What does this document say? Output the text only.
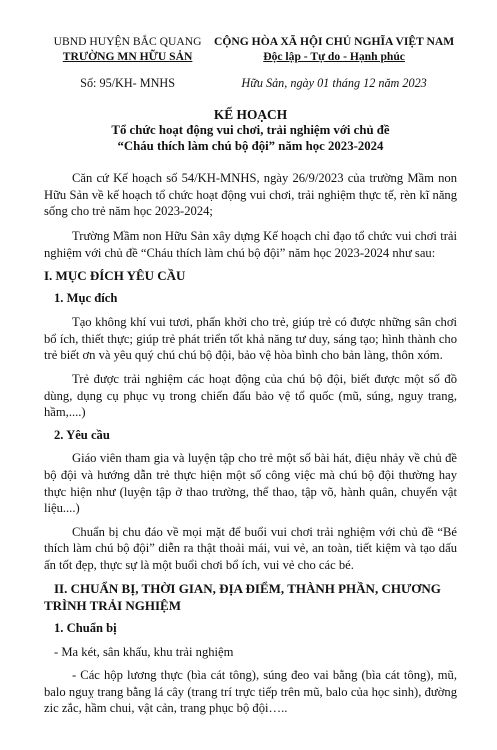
UBND HUYỆN BẮC QUANG
TRƯỜNG MN HỮU SẢN
CỘNG HÒA XÃ HỘI CHỦ NGHĨA VIỆT NAM
Độc lập - Tự do - Hạnh phúc
Số: 95/KH- MNHS	Hữu Sản, ngày 01 tháng 12 năm 2023
KẾ HOẠCH
Tổ chức hoạt động vui chơi, trải nghiệm với chủ đề
“Cháu thích làm chú bộ đội” năm học 2023-2024

Căn cứ Kế hoạch số 54/KH-MNHS, ngày 26/9/2023 của trường Mầm non Hữu Sản về kế hoạch tổ chức hoạt động vui chơi, trải nghiệm thực tế, rèn kĩ năng sống cho trẻ năm học 2023-2024;

Trường Mầm non Hữu Sản xây dựng Kế hoạch chỉ đạo tổ chức vui chơi trải nghiệm với chủ đề “Cháu thích làm chú bộ đội” năm học 2023-2024 như sau:

I. MỤC ĐÍCH YÊU CẦU
1. Mục đích

Tạo không khí vui tươi, phấn khởi cho trẻ, giúp trẻ có được những sân chơi bổ ích, thiết thực; giúp trẻ phát triển tốt khả năng tư duy, sáng tạo; hình thành cho trẻ biết ơn và yêu quý chú chú bộ đội, bảo vệ hòa bình cho bản làng, thôn xóm.

Trẻ được trải nghiệm các hoạt động của chú bộ đội, biết được một số đồ dùng, dụng cụ phục vụ trong chiến đấu bảo vệ tổ quốc (mũ, súng, nguy trang, hầm,....)

2. Yêu cầu

Giáo viên tham gia và luyện tập cho trẻ một số bài hát, điệu nhảy về chủ đề bộ đội và hướng dẫn trẻ thực hiện một số công việc mà chú bộ đội thường hay thực hiện như (luyện tập ở thao trường, thể thao, tập võ, hành quân, chuyển vật liệu....)

Chuẩn bị chu đáo về mọi mặt để buổi vui chơi trải nghiệm với chủ đề “Bé thích làm chú bộ đội” diễn ra thật thoải mái, vui vẻ, an toàn, tiết kiệm và tạo dấu ấn tốt đẹp, thực sự là một buổi chơi bổ ích, vui vẻ cho các bé.

II. CHUẨN BỊ, THỜI GIAN, ĐỊA ĐIỂM, THÀNH PHẦN, CHƯƠNG TRÌNH TRẢI NGHIỆM
1. Chuẩn bị

- Ma két, sân khấu, khu trải nghiệm

- Các hộp lương thực (bìa cát tông), súng đeo vai bằng (bìa cát tông), mũ, balo nguỵ trang bằng lá cây (trang trí trực tiếp trên mũ, balo của học sinh), đường zic zắc, hầm chui, vật cản, trang phục bộ đội…..
